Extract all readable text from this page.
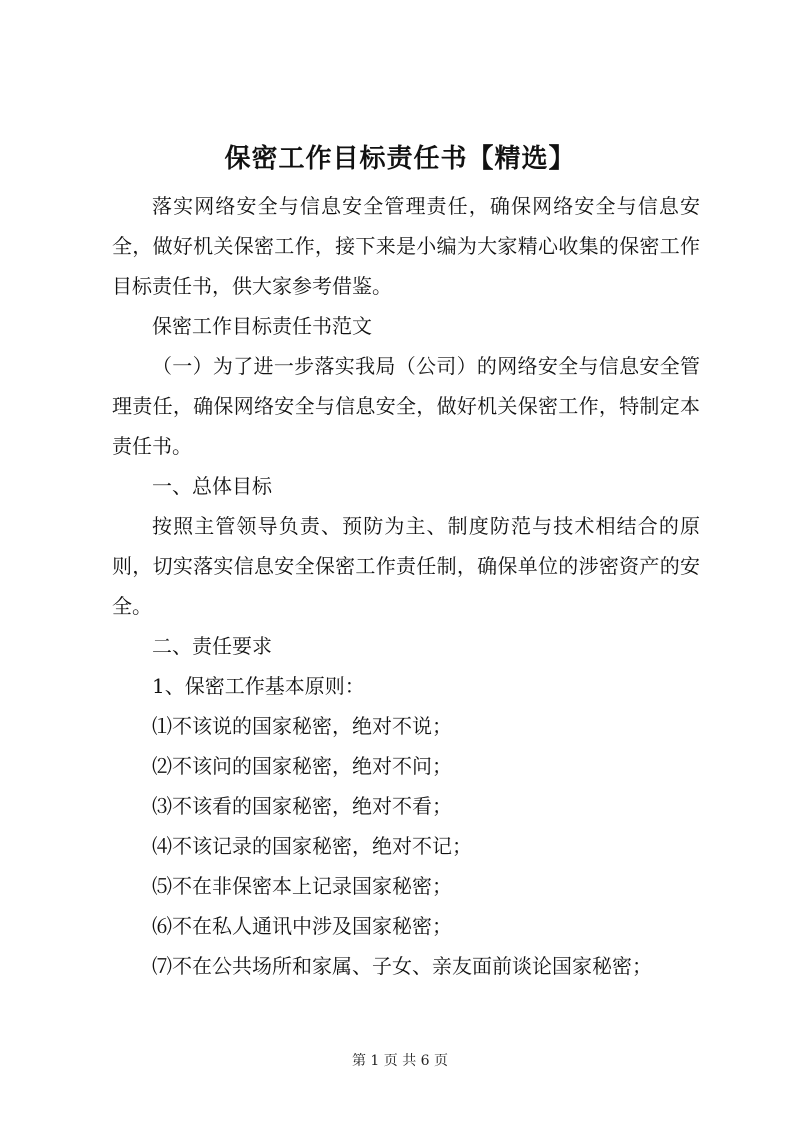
保密工作目标责任书【精选】

落实网络安全与信息安全管理责任，确保网络安全与信息安全，做好机关保密工作，接下来是小编为大家精心收集的保密工作目标责任书，供大家参考借鉴。

保密工作目标责任书范文

（一）为了进一步落实我局（公司）的网络安全与信息安全管理责任，确保网络安全与信息安全，做好机关保密工作，特制定本责任书。

一、总体目标

按照主管领导负责、预防为主、制度防范与技术相结合的原则，切实落实信息安全保密工作责任制，确保单位的涉密资产的安全。

二、责任要求

1、保密工作基本原则：

⑴不该说的国家秘密，绝对不说；

⑵不该问的国家秘密，绝对不问；

⑶不该看的国家秘密，绝对不看；

⑷不该记录的国家秘密，绝对不记；

⑸不在非保密本上记录国家秘密；

⑹不在私人通讯中涉及国家秘密；

⑺不在公共场所和家属、子女、亲友面前谈论国家秘密；

第 1 页 共 6 页
